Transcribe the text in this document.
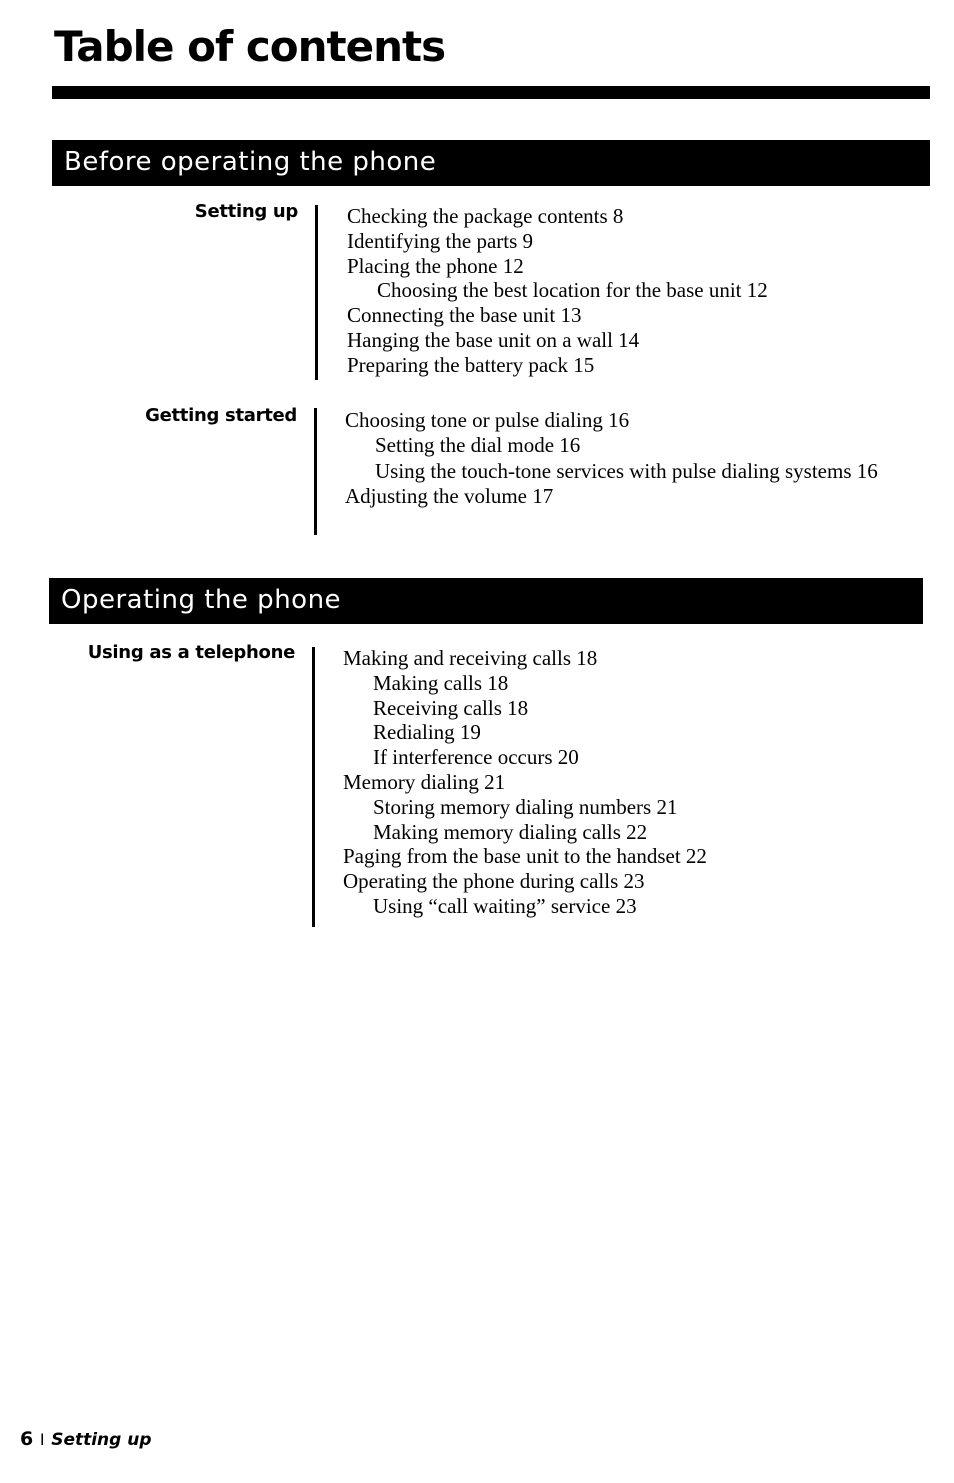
Table of contents
Before operating the phone
Setting up Checking the package contents 8
Identifying the parts 9
Placing the phone 12
Choosing the best location for the base unit 12
Connecting the base unit 13
Hanging the base unit on a wall 14
Preparing the battery pack 15
Getting started Choosing tone or pulse dialing 16
Setting the dial mode 16
Using the touch-tone services with pulse dialing systems 16
Adjusting the volume 17
Operating the phone
Using as a telephone Making and receiving calls 18
Making calls 18
Receiving calls 18
Redialing 19
If interference occurs 20
Memory dialing 21
Storing memory dialing numbers 21
Making memory dialing calls 22
Paging from the base unit to the handset 22
Operating the phone during calls 23
Using “call waiting” service 23
6 I Setting up
